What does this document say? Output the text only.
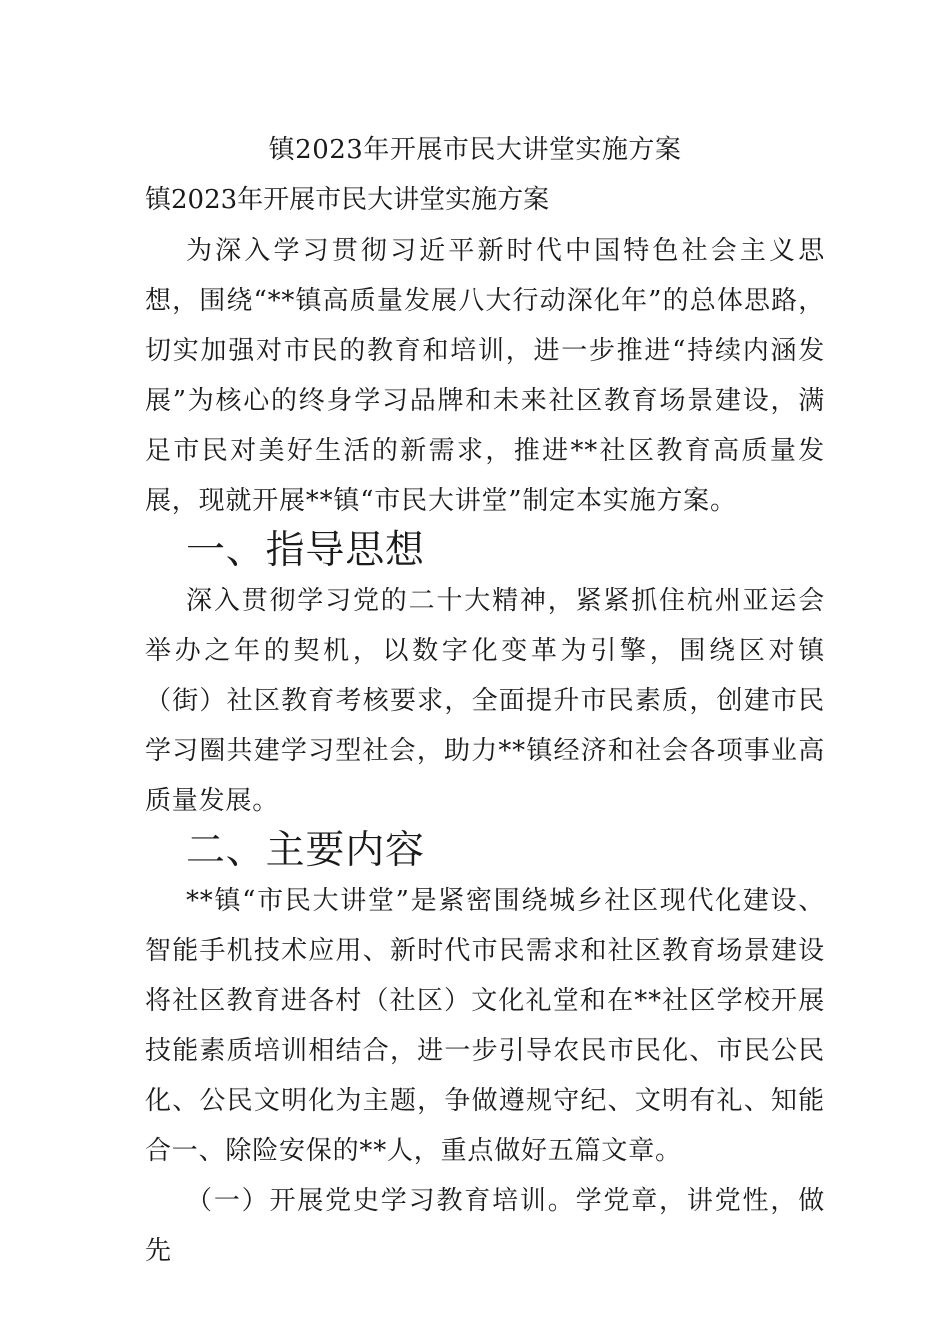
镇2023年开展市民大讲堂实施方案

镇2023年开展市民大讲堂实施方案

为深入学习贯彻习近平新时代中国特色社会主义思想，围绕“**镇高质量发展八大行动深化年”的总体思路，切实加强对市民的教育和培训，进一步推进“持续内涵发展”为核心的终身学习品牌和未来社区教育场景建设，满足市民对美好生活的新需求，推进**社区教育高质量发展，现就开展**镇“市民大讲堂”制定本实施方案。

一、指导思想

深入贯彻学习党的二十大精神，紧紧抓住杭州亚运会举办之年的契机，以数字化变革为引擎，围绕区对镇（街）社区教育考核要求，全面提升市民素质，创建市民学习圈共建学习型社会，助力**镇经济和社会各项事业高质量发展。

二、主要内容

**镇“市民大讲堂”是紧密围绕城乡社区现代化建设、智能手机技术应用、新时代市民需求和社区教育场景建设将社区教育进各村（社区）文化礼堂和在**社区学校开展技能素质培训相结合，进一步引导农民市民化、市民公民化、公民文明化为主题，争做遵规守纪、文明有礼、知能合一、除险安保的**人，重点做好五篇文章。

（一）开展党史学习教育培训。学党章，讲党性，做先
